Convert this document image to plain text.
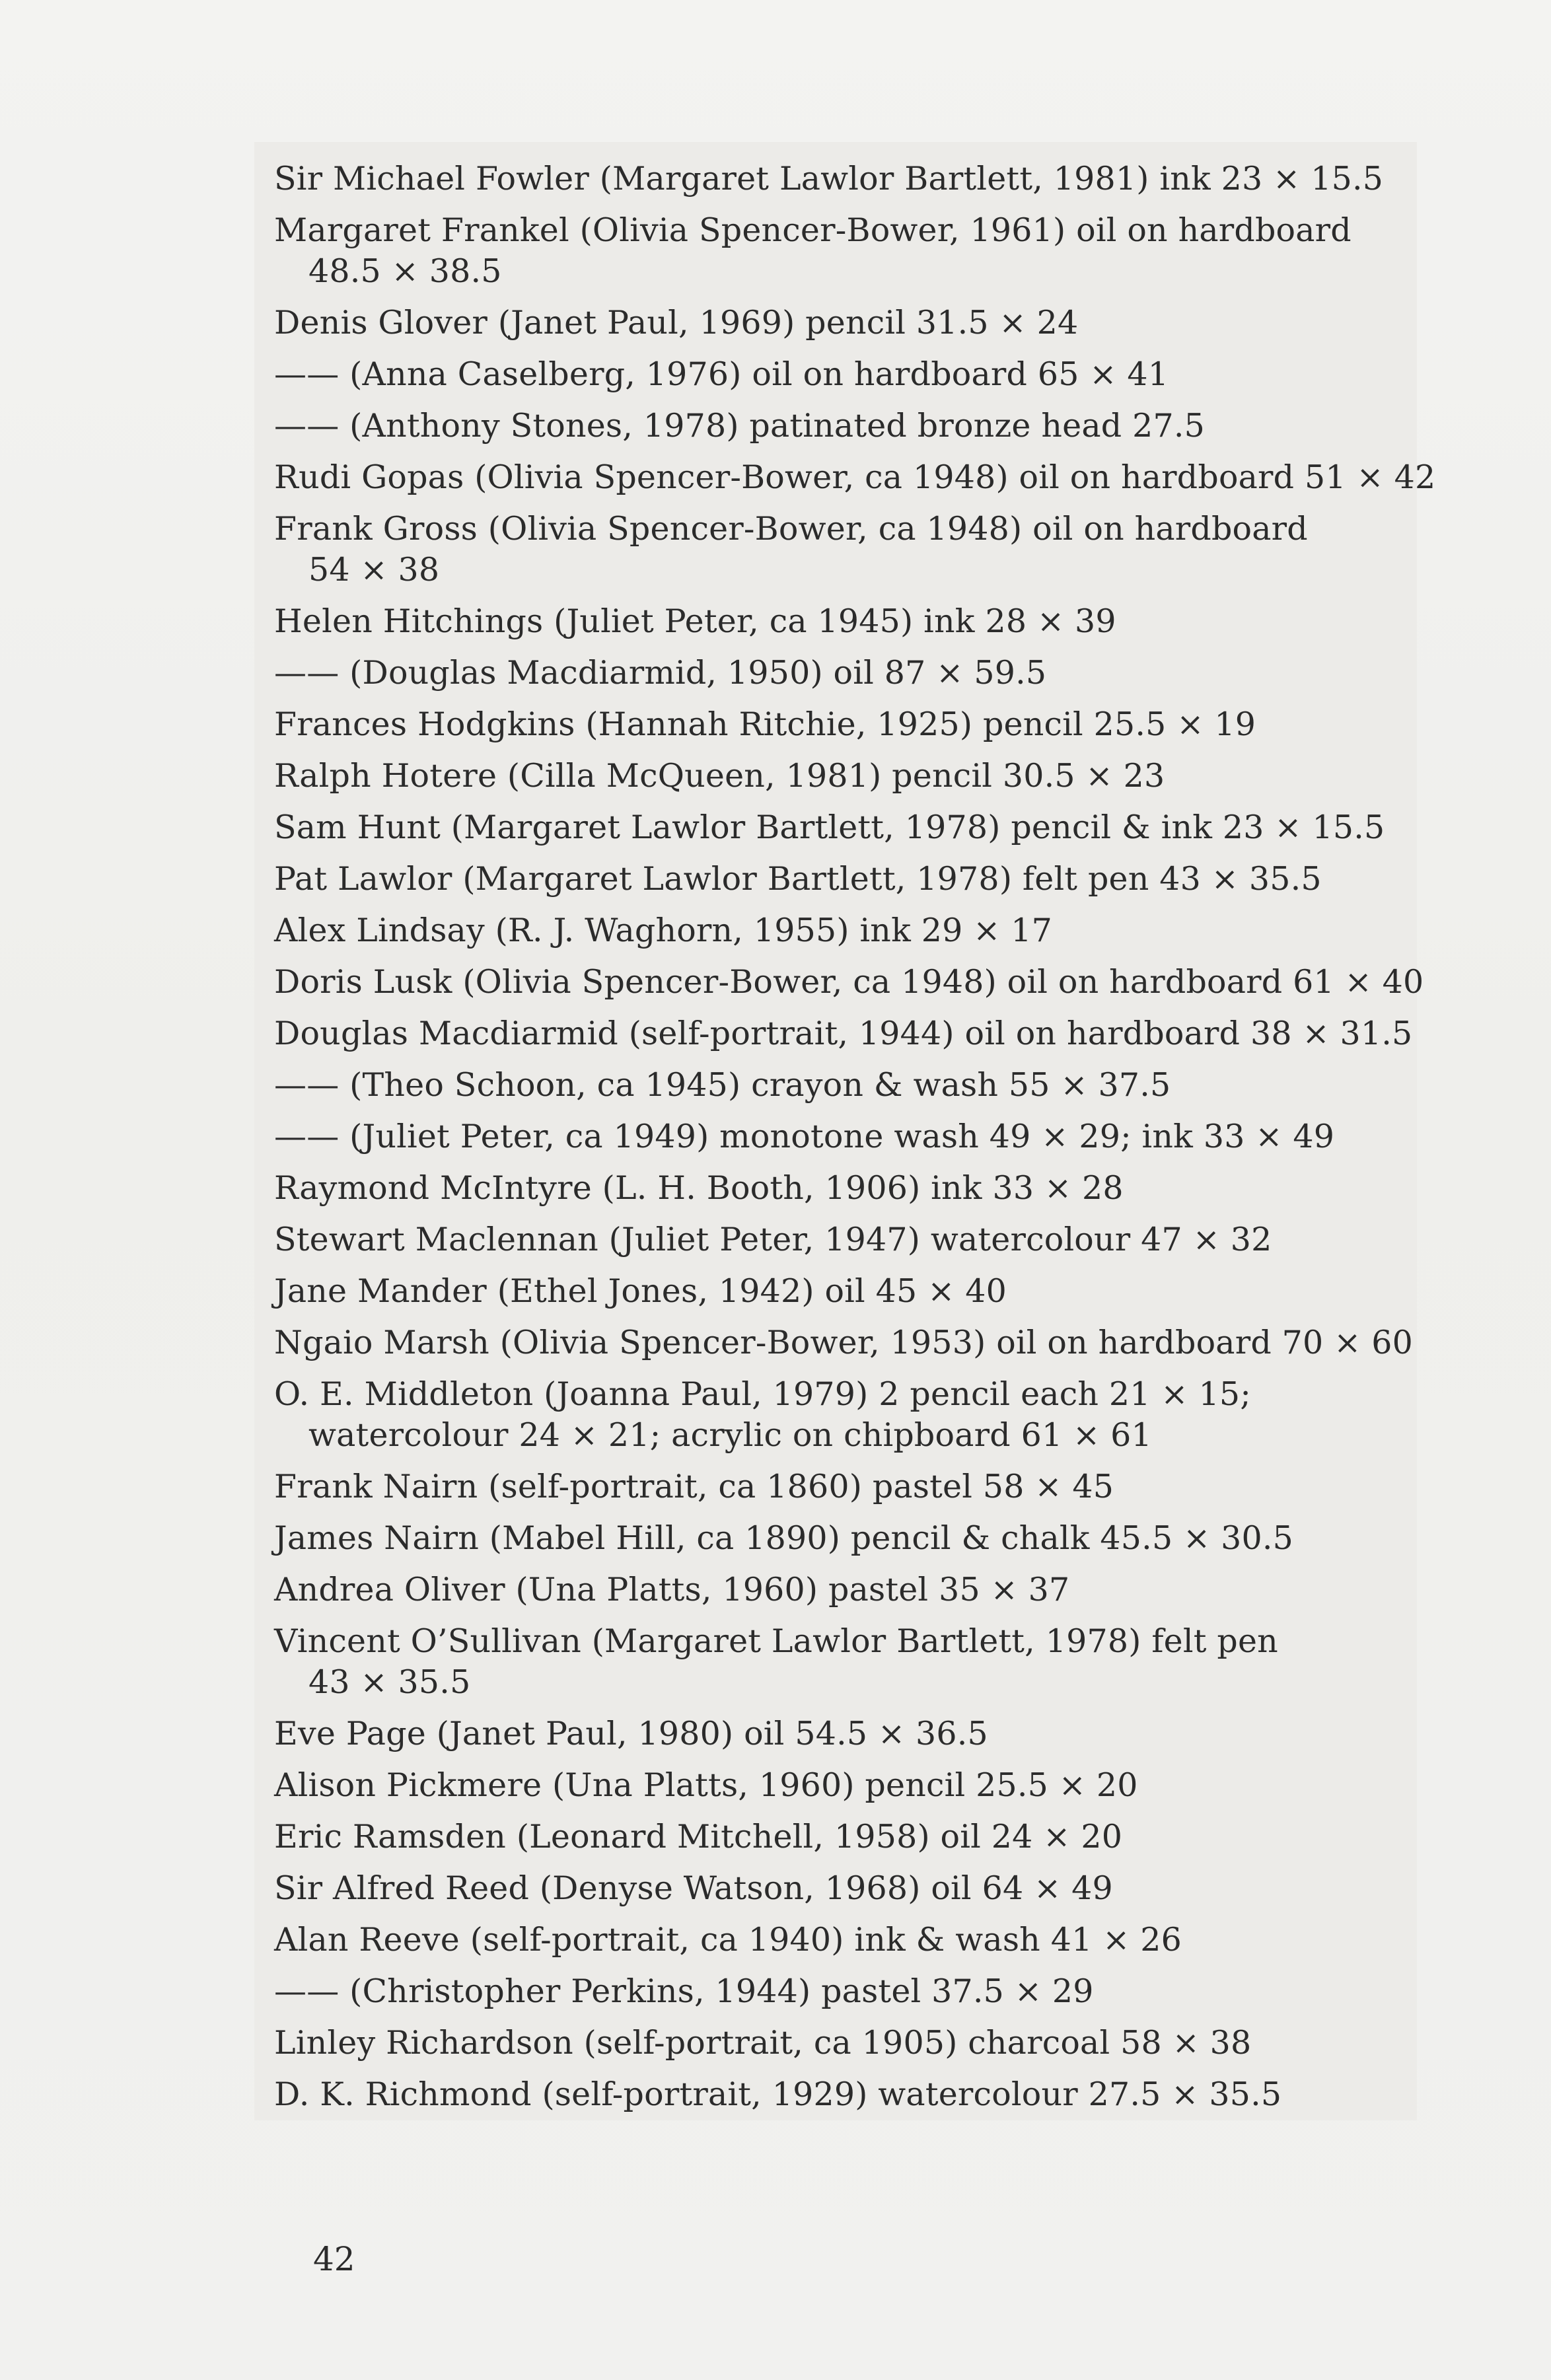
Sir Michael Fowler (Margaret Lawlor Bartlett, 1981) ink 23 × 15.5
Margaret Frankel (Olivia Spencer-Bower, 1961) oil on hardboard
48.5 × 38.5
Denis Glover (Janet Paul, 1969) pencil 31.5 × 24
—— (Anna Caselberg, 1976) oil on hardboard 65 × 41
—— (Anthony Stones, 1978) patinated bronze head 27.5
Rudi Gopas (Olivia Spencer-Bower, ca 1948) oil on hardboard 51 × 42
Frank Gross (Olivia Spencer-Bower, ca 1948) oil on hardboard
54 × 38
Helen Hitchings (Juliet Peter, ca 1945) ink 28 × 39
—— (Douglas Macdiarmid, 1950) oil 87 × 59.5
Frances Hodgkins (Hannah Ritchie, 1925) pencil 25.5 × 19
Ralph Hotere (Cilla McQueen, 1981) pencil 30.5 × 23
Sam Hunt (Margaret Lawlor Bartlett, 1978) pencil & ink 23 × 15.5
Pat Lawlor (Margaret Lawlor Bartlett, 1978) felt pen 43 × 35.5
Alex Lindsay (R. J. Waghorn, 1955) ink 29 × 17
Doris Lusk (Olivia Spencer-Bower, ca 1948) oil on hardboard 61 × 40
Douglas Macdiarmid (self-portrait, 1944) oil on hardboard 38 × 31.5
—— (Theo Schoon, ca 1945) crayon & wash 55 × 37.5
—— (Juliet Peter, ca 1949) monotone wash 49 × 29; ink 33 × 49
Raymond McIntyre (L. H. Booth, 1906) ink 33 × 28
Stewart Maclennan (Juliet Peter, 1947) watercolour 47 × 32
Jane Mander (Ethel Jones, 1942) oil 45 × 40
Ngaio Marsh (Olivia Spencer-Bower, 1953) oil on hardboard 70 × 60
O. E. Middleton (Joanna Paul, 1979) 2 pencil each 21 × 15;
watercolour 24 × 21; acrylic on chipboard 61 × 61
Frank Nairn (self-portrait, ca 1860) pastel 58 × 45
James Nairn (Mabel Hill, ca 1890) pencil & chalk 45.5 × 30.5
Andrea Oliver (Una Platts, 1960) pastel 35 × 37
Vincent O’Sullivan (Margaret Lawlor Bartlett, 1978) felt pen
43 × 35.5
Eve Page (Janet Paul, 1980) oil 54.5 × 36.5
Alison Pickmere (Una Platts, 1960) pencil 25.5 × 20
Eric Ramsden (Leonard Mitchell, 1958) oil 24 × 20
Sir Alfred Reed (Denyse Watson, 1968) oil 64 × 49
Alan Reeve (self-portrait, ca 1940) ink & wash 41 × 26
—— (Christopher Perkins, 1944) pastel 37.5 × 29
Linley Richardson (self-portrait, ca 1905) charcoal 58 × 38
D. K. Richmond (self-portrait, 1929) watercolour 27.5 × 35.5
42
